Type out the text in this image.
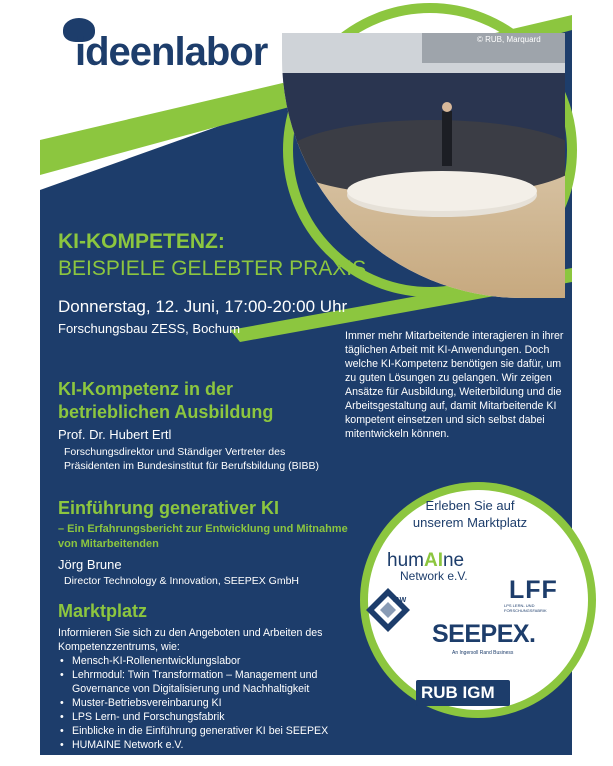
ideenlabor	© RUB, Marquard
KI-KOMPETENZ:
BEISPIELE GELEBTER PRAXIS
Donnerstag, 12. Juni, 17:00-20:00 Uhr
Forschungsbau ZESS, Bochum	Immer mehr Mitarbeitende interagieren in ihrer täglichen Arbeit mit KI-Anwendungen. Doch welche KI-Kompetenz benötigen sie dafür, um zu guten Lösungen zu gelangen. Wir zeigen Ansätze für Ausbildung, Weiterbildung und die Arbeitsgestaltung auf, damit Mitarbeitende KI kompetent einsetzen und sich selbst dabei mitentwickeln können.
KI-Kompetenz in der betrieblichen Ausbildung
Prof. Dr. Hubert Ertl
Forschungsdirektor und Ständiger Vertreter des Präsidenten im Bundesinstitut für Berufsbildung (BIBB)
Einführung generativer KI
– Ein Erfahrungsbericht zur Entwicklung und Mitnahme von Mitarbeitenden
Jörg Brune
Director Technology & Innovation, SEEPEX GmbH
Marktplatz
Informieren Sie sich zu den Angeboten und Arbeiten des Kompetenzzentrums, wie:
• Mensch-KI-Rollenentwicklungslabor
• Lehrmodul: Twin Transformation – Management und Governance von Digitalisierung und Nachhaltigkeit
• Muster-Betriebsvereinbarung KI
• LPS Lern- und Forschungsfabrik
• Einblicke in die Einführung generativer KI bei SEEPEX
• HUMAINE Network e.V.
Erleben Sie auf unserem Marktplatz
humAIne
Network e.V. LFF
LPS LERN- UND FORSCHUNGSFABRIK
IAW
SEEPEX.
An Ingersoll Rand Business
RUB IGM
